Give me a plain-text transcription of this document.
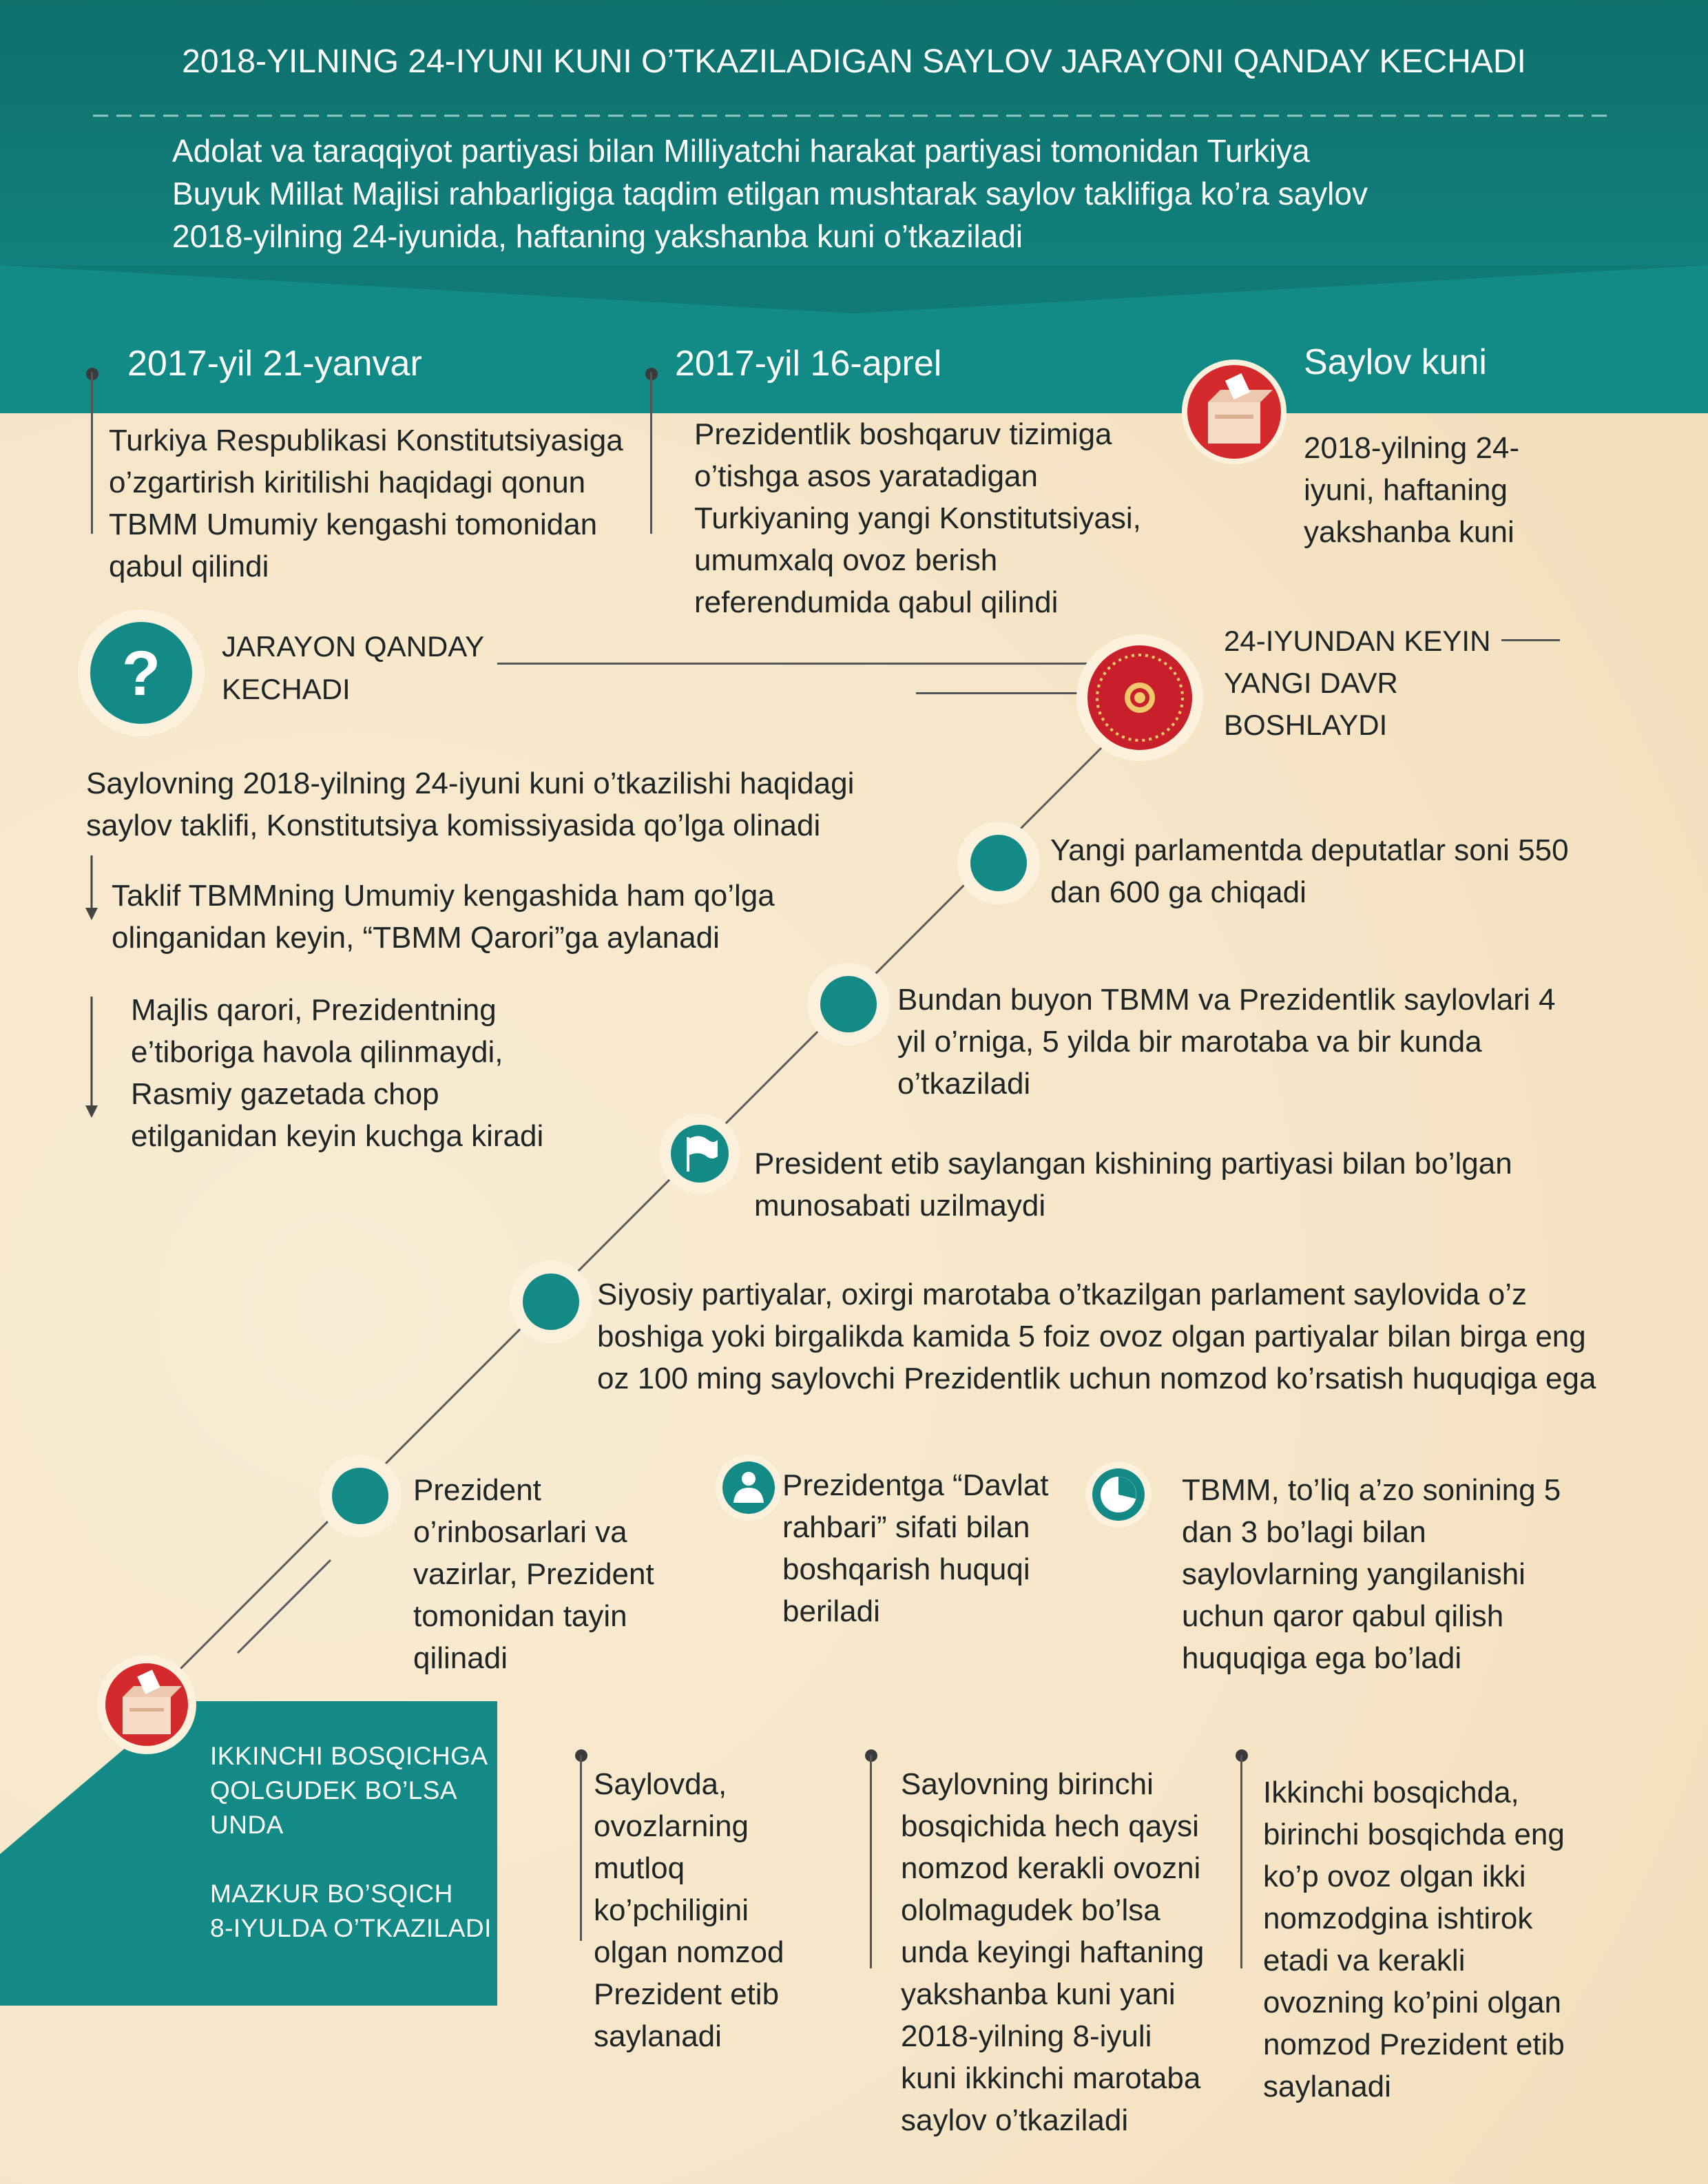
2018-YILNING 24-IYUNI KUNI O’TKAZILADIGAN SAYLOV JARAYONI QANDAY KECHADI
Adolat va taraqqiyot partiyasi bilan Milliyatchi harakat partiyasi tomonidan Turkiya
Buyuk Millat Majlisi rahbarligiga taqdim etilgan mushtarak saylov taklifiga ko’ra saylov
2018-yilning 24-iyunida, haftaning yakshanba kuni o’tkaziladi
2017-yil 21-yanvar
Turkiya Respublikasi Konstitutsiyasiga
o’zgartirish kiritilishi haqidagi qonun
TBMM Umumiy kengashi tomonidan
qabul qilindi
2017-yil 16-aprel
Prezidentlik boshqaruv tizimiga
o’tishga asos yaratadigan
Turkiyaning yangi Konstitutsiyasi,
umumxalq ovoz berish
referendumida qabul qilindi
Saylov kuni
2018-yilning 24-
iyuni, haftaning
yakshanba kuni
? JARAYON QANDAY
KECHADI
Saylovning 2018-yilning 24-iyuni kuni o’tkazilishi haqidagi
saylov taklifi, Konstitutsiya komissiyasida qo’lga olinadi
Taklif TBMMning Umumiy kengashida ham qo’lga
olinganidan keyin, “TBMM Qarori”ga aylanadi
Majlis qarori, Prezidentning
e’tiboriga havola qilinmaydi,
Rasmiy gazetada chop
etilganidan keyin kuchga kiradi
24-IYUNDAN KEYIN
YANGI DAVR
BOSHLAYDI
Yangi parlamentda deputatlar soni 550
dan 600 ga chiqadi
Bundan buyon TBMM va Prezidentlik saylovlari 4
yil o’rniga, 5 yilda bir marotaba va bir kunda
o’tkaziladi
President etib saylangan kishining partiyasi bilan bo’lgan
munosabati uzilmaydi
Siyosiy partiyalar, oxirgi marotaba o’tkazilgan parlament saylovida o’z
boshiga yoki birgalikda kamida 5 foiz ovoz olgan partiyalar bilan birga eng
oz 100 ming saylovchi Prezidentlik uchun nomzod ko’rsatish huquqiga ega
Prezident
o’rinbosarlari va
vazirlar, Prezident
tomonidan tayin
qilinadi
Prezidentga “Davlat
rahbari” sifati bilan
boshqarish huquqi
beriladi
TBMM, to’liq a’zo sonining 5
dan 3 bo’lagi bilan
saylovlarning yangilanishi
uchun qaror qabul qilish
huquqiga ega bo’ladi
IKKINCHI BOSQICHGA
QOLGUDEK BO’LSA
UNDA
MAZKUR BO’SQICH
8-IYULDA O’TKAZILADI
Saylovda,
ovozlarning
mutloq
ko’pchiligini
olgan nomzod
Prezident etib
saylanadi
Saylovning birinchi
bosqichida hech qaysi
nomzod kerakli ovozni
ololmagudek bo’lsa
unda keyingi haftaning
yakshanba kuni yani
2018-yilning 8-iyuli
kuni ikkinchi marotaba
saylov o’tkaziladi
Ikkinchi bosqichda,
birinchi bosqichda eng
ko’p ovoz olgan ikki
nomzodgina ishtirok
etadi va kerakli
ovozning ko’pini olgan
nomzod Prezident etib
saylanadi
